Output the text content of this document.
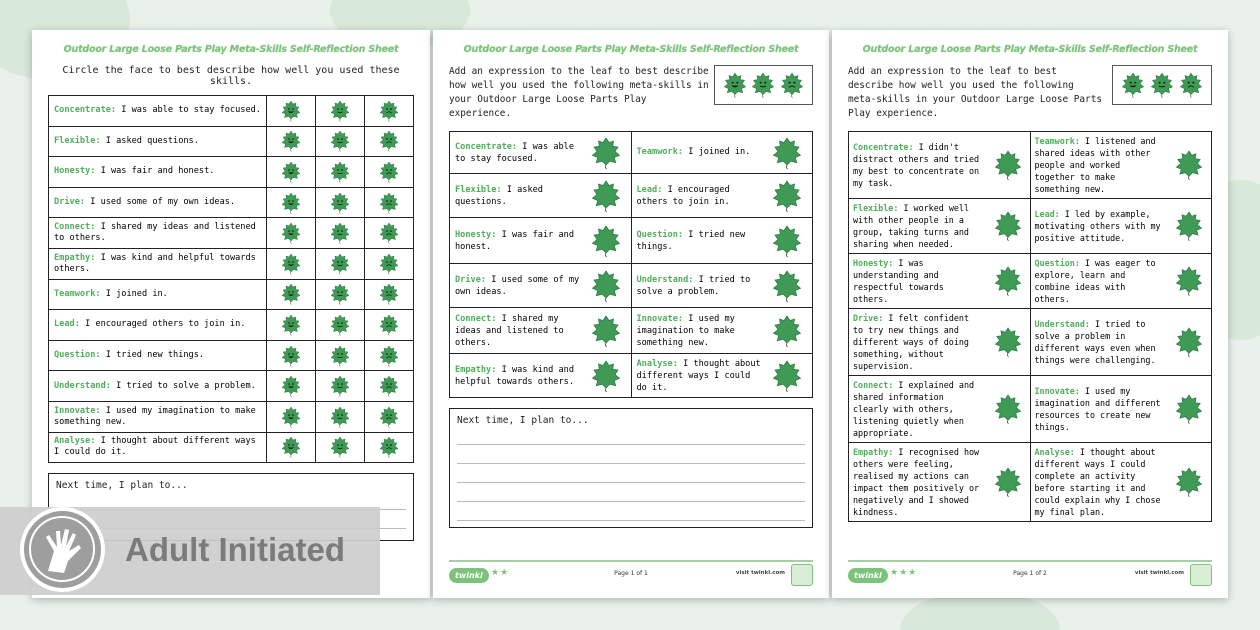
Outdoor Large Loose Parts Play Meta-Skills Self-Reflection Sheet
Circle the face to best describe how well you used these skills.
Concentrate: I was able to stay focused.			
Flexible: I asked questions.			
Honesty: I was fair and honest.			
Drive: I used some of my own ideas.			
Connect: I shared my ideas and listened to others.			
Empathy: I was kind and helpful towards others.			
Teamwork: I joined in.			
Lead: I encouraged others to join in.			
Question: I tried new things.			
Understand: I tried to solve a problem.			
Innovate: I used my imagination to make something new.			
Analyse: I thought about different ways I could do it.			
Next time, I plan to...
Outdoor Large Loose Parts Play Meta-Skills Self-Reflection Sheet
Add an expression to the leaf to best describe how well you used the following meta-skills in your Outdoor Large Loose Parts Play experience.
Concentrate: I was able to stay focused.	Teamwork: I joined in.

Flexible: I asked questions.	Lead: I encouraged others to join in.

Honesty: I was fair and honest.	Question: I tried new things.

Drive: I used some of my own ideas.	Understand: I tried to solve a problem.

Connect: I shared my ideas and listened to others.	Innovate: I used my imagination to make something new.

Empathy: I was kind and helpful towards others.	Analyse: I thought about different ways I could do it.
Next time, I plan to...
twinkl ★★	Page 1 of 1	visit twinkl.com
Outdoor Large Loose Parts Play Meta-Skills Self-Reflection Sheet
Add an expression to the leaf to best describe how well you used the following meta-skills in your Outdoor Large Loose Parts Play experience.
Concentrate: I didn't distract others and tried my best to concentrate on my task.	Teamwork: I listened and shared ideas with other people and worked together to make something new.

Flexible: I worked well with other people in a group, taking turns and sharing when needed.	Lead: I led by example, motivating others with my positive attitude.

Honesty: I was understanding and respectful towards others.	Question: I was eager to explore, learn and combine ideas with others.

Drive: I felt confident to try new things and different ways of doing something, without supervision.	Understand: I tried to solve a problem in different ways even when things were challenging.

Connect: I explained and shared information clearly with others, listening quietly when appropriate.	Innovate: I used my imagination and different resources to create new things.

Empathy: I recognised how others were feeling, realised my actions can impact them positively or negatively and I showed kindness.	Analyse: I thought about different ways I could complete an activity before starting it and could explain why I chose my final plan.
twinkl ★★★	Page 1 of 2	visit twinkl.com
Adult Initiated
